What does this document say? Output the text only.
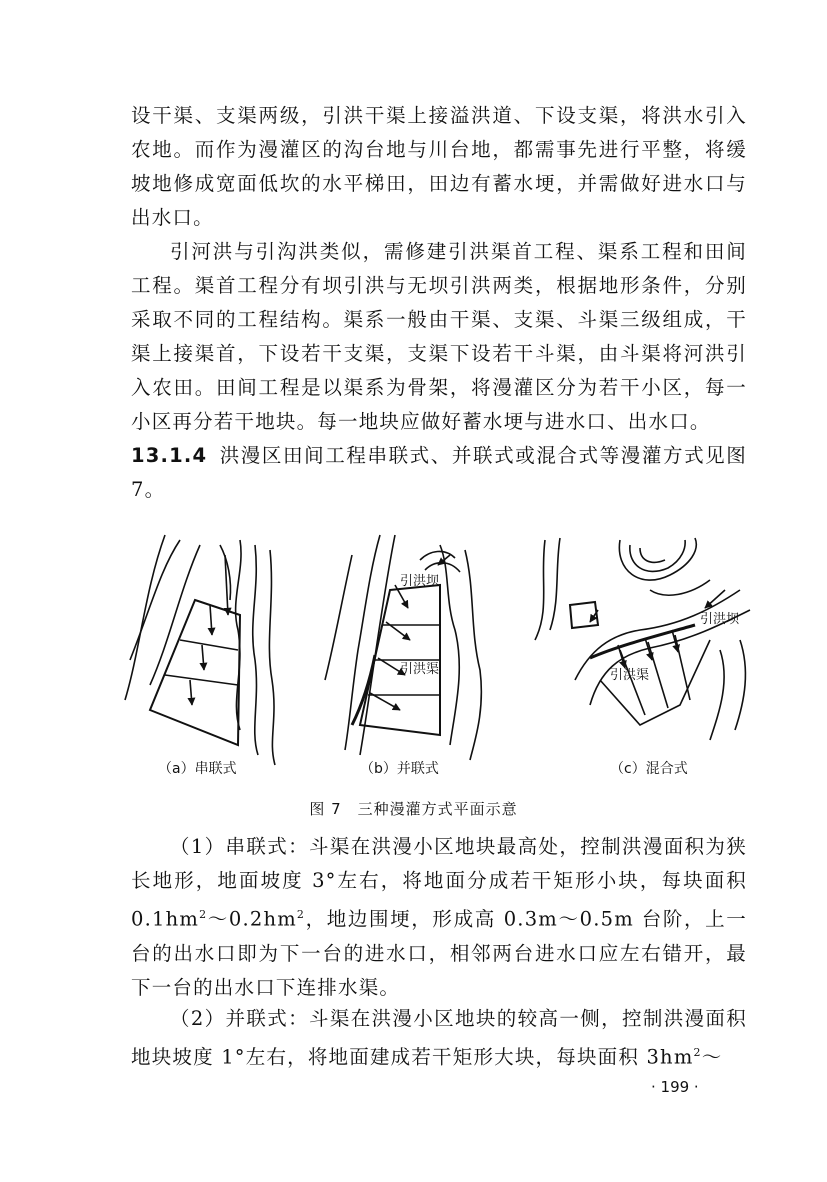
设干渠、支渠两级，引洪干渠上接溢洪道、下设支渠，将洪水引入农地。而作为漫灌区的沟台地与川台地，都需事先进行平整，将缓坡地修成宽面低坎的水平梯田，田边有蓄水埂，并需做好进水口与出水口。

引河洪与引沟洪类似，需修建引洪渠首工程、渠系工程和田间工程。渠首工程分有坝引洪与无坝引洪两类，根据地形条件，分别采取不同的工程结构。渠系一般由干渠、支渠、斗渠三级组成，干渠上接渠首，下设若干支渠，支渠下设若干斗渠，由斗渠将河洪引入农田。田间工程是以渠系为骨架，将漫灌区分为若干小区，每一小区再分若干地块。每一地块应做好蓄水埂与进水口、出水口。

13.1.4 洪漫区田间工程串联式、并联式或混合式等漫灌方式见图 7。

引洪坝
引洪渠
引洪坝
引洪渠
（a）串联式	（b）并联式	（c）混合式
图 7　三种漫灌方式平面示意

（1）串联式：斗渠在洪漫小区地块最高处，控制洪漫面积为狭长地形，地面坡度 3°左右，将地面分成若干矩形小块，每块面积 $0.1hm^2\sim 0.2hm^2$，地边围埂，形成高 0.3m～0.5m 台阶，上一台的出水口即为下一台的进水口，相邻两台进水口应左右错开，最下一台的出水口下连排水渠。

（2）并联式：斗渠在洪漫小区地块的较高一侧，控制洪漫面积地块坡度 1°左右，将地面建成若干矩形大块，每块面积 $3hm^2\sim$

· 199 ·
